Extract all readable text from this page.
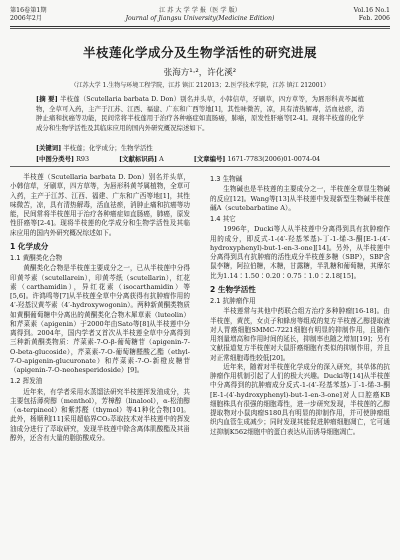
第16卷第1期
2006年2月
江 苏 大 学 学 报（医 学 版）
Journal of Jiangsu University(Medicine Edition)
Vol.16 No.1
Feb. 2006
半枝莲化学成分及生物学活性的研究进展
张海方¹·²，许化溪²
（江苏大学 1.生物与环境工程学院，江苏 镇江 212013；2.医学技术学院，江苏 镇江 212001）
[摘 要] 半枝莲（Scutellaria barbata D. Don）别名并头草，小韩信草，牙刷草，四方草等，为唇形科黄芩属植物，全草可入药，主产于江苏、江西、福建、广东和广西等地[1]，其性味微苦，凉，具有清热解毒，活血祛瘀，消肿止痛和抗癌等功能，民间常将半枝莲用于治疗各种癌症如直肠癌，肺癌，原发性肝癌等[2-4]。现将半枝莲的化学成分和生物学活性及其临床应用的国内外研究概况综述如下。
[关键词] 半枝莲；化学成分；生物学活性
[中图分类号] R93	[文献标识码] A	[文章编号] 1671-7783(2006)01-0074-04

半枝莲（Scutellaria barbata D. Don）别名并头草，小韩信草，牙刷草，四方草等，为唇形科黄芩属植物，全草可入药，主产于江苏、江西、福建、广东和广西等地[1]，其性味微苦，凉，具有清热解毒，活血祛瘀，消肿止痛和抗癌等功能，民间常将半枝莲用于治疗各种癌症如直肠癌，肺癌，原发性肝癌等[2-4]。现将半枝莲的化学成分和生物学活性及其临床应用的国内外研究概况综述如下。

1 化学成分
1.1 黄酮类化合物

黄酮类化合物是半枝莲主要成分之一，已从半枝莲中分得印黄芩素（scutellarein），印黄芩纸（scutellarin），红花素（carthamidin），异红花素（isocarthamidin）等[5,6]。许鸿鸣等[7]从半枝莲全草中分离获得有抗肿瘤作用的4′-羟基汉黄芩素（4′-hydroxywogonin）。两种新黄酮类物质如黄酮葡萄糖中分离出的黄酮类化合物木犀草素（luteolin）和芹菜素（apigenin）于2000年由Sato等[8]从半枝莲中分离得到。2004年，国内学者又首次从半枝莲全草中分离得到三种新黄酮类物质：芹菜素-7-O-β-葡萄糖苷（apigenin-7-O-beta-glucoside），芹菜素-7-O-葡萄糖醛酸乙酯（ethyl-7-O-apigenin-glucuronate）和芹菜素-7-O-新橙皮糖苷（apigenin-7-O-neohesperidoside）[9]。

1.2 挥发油

近年来，有学者采用水蒸馏法研究半枝莲挥发油成分，共主要包括薄荷醇（menthol），芳樟醇（linalool），α-松油醇（α-terpineol）和紫苏醛（thymol）等41种化合物[10]。此外，杨顺利[11]采用超临界CO₂萃取技术对半枝莲中的挥发油成分进行了萃取研究，发现半枝莲中除含离体肌酸酯及其甾醇外，还含有大量的脂肪酸成分。

1.3 生物碱

生物碱也是半枝莲的主要成分之一，半枝莲全草显生物碱的反应[12]。Wang等[13]从半枝莲中发现新型生物碱半枝莲碱A（scutebarbatine A）。

1.4 其它

1996年，Ducki等人从半枝莲中分离得到具有抗肿瘤作用的成分，即反式-1-(4′-羟基苯基)-丁-1-烯-3-酮[E-1-(4′-hydroxyphenyl)-but-1-en-3-one][14]。另外，从半枝莲中分离得到具有抗肿瘤的活性成分半枝莲多糖（SBP），SBP含鼠李糖，阿拉伯糖，木糖，甘露糖，半乳糖和葡萄糖，其摩尔比为1.14∶1.50∶0.20∶0.75∶1.0∶2.18[15]。

2 生物学活性
2.1 抗肿瘤作用

半枝莲常与其他中药联合组方治疗多种肿瘤[16-18]。由半枝莲，黄芪，女贞子和蜂房等组成的复方半枝莲乙醇提取液对人胃癌细胞SMMC-7221细胞有明显的抑制作用，且随作用剂量增高和作用时间的延长，抑制率也随之增加[19]；另有文献报道复方半枝莲对大鼠肝癌细胞有类似的抑制作用，并且对正常细胞毒性较低[20]。

近年来，随着对半枝莲化学成分的深入研究，其单体的抗肿瘤作用机制引起了人们的极大兴趣。Ducki等[14]从半枝莲中分离得到的抗肿瘤成分反式-1-(4′-羟基苯基)-丁-1-烯-3-酮[E-1-(4′-hydroxyphenyl)-but-1-en-3-one]对人口腔癌KB细胞株具有很强的细胞毒性，进一步研究发现，半枝莲的乙醇提取物对小鼠肉瘤S180具有明显的抑制作用，并可使肿瘤组织内血管生成减少；同时发现其能促进肿瘤细胞凋亡，它可通过抑制K562细胞中的蛋白表达从而诱导细胞凋亡。
